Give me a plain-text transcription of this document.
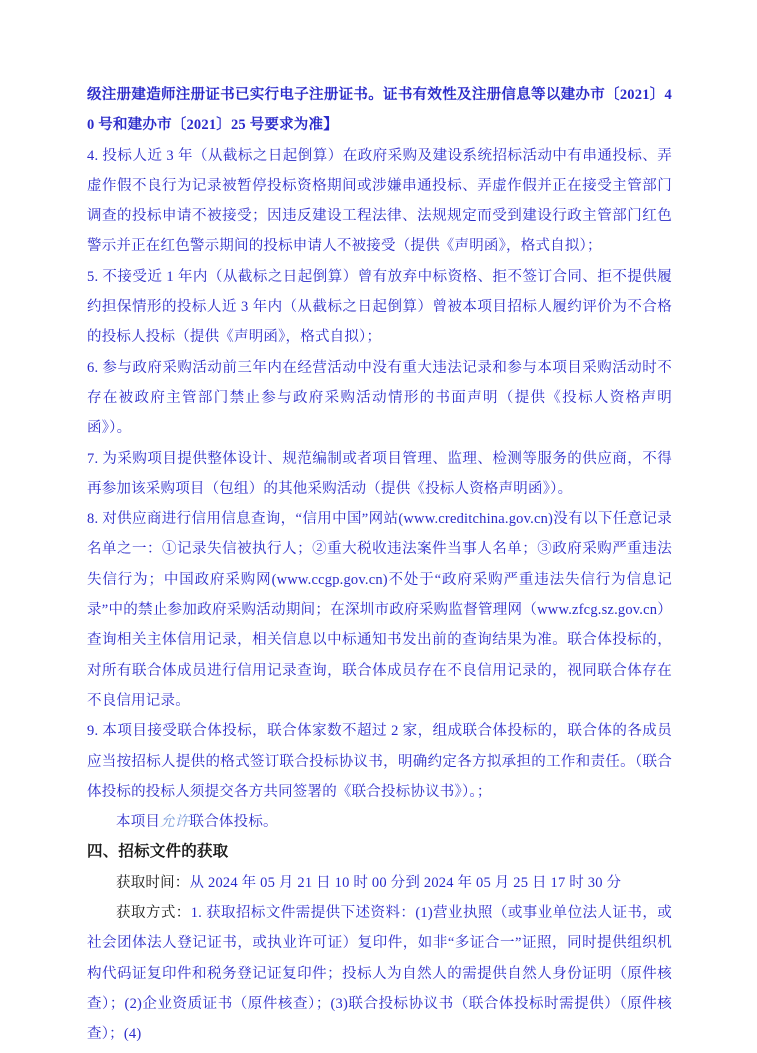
级注册建造师注册证书已实行电子注册证书。证书有效性及注册信息等以建办市〔2021〕40 号和建办市〔2021〕25 号要求为准】

4. 投标人近 3 年（从截标之日起倒算）在政府采购及建设系统招标活动中有串通投标、弄虚作假不良行为记录被暂停投标资格期间或涉嫌串通投标、弄虚作假并正在接受主管部门调查的投标申请不被接受；因违反建设工程法律、法规规定而受到建设行政主管部门红色警示并正在红色警示期间的投标申请人不被接受（提供《声明函》，格式自拟）；

5. 不接受近 1 年内（从截标之日起倒算）曾有放弃中标资格、拒不签订合同、拒不提供履约担保情形的投标人近 3 年内（从截标之日起倒算）曾被本项目招标人履约评价为不合格的投标人投标（提供《声明函》，格式自拟）；

6. 参与政府采购活动前三年内在经营活动中没有重大违法记录和参与本项目采购活动时不存在被政府主管部门禁止参与政府采购活动情形的书面声明（提供《投标人资格声明函》）。

7. 为采购项目提供整体设计、规范编制或者项目管理、监理、检测等服务的供应商，不得再参加该采购项目（包组）的其他采购活动（提供《投标人资格声明函》）。

8. 对供应商进行信用信息查询，“信用中国”网站(www.creditchina.gov.cn)没有以下任意记录名单之一：①记录失信被执行人；②重大税收违法案件当事人名单；③政府采购严重违法失信行为；中国政府采购网(www.ccgp.gov.cn)不处于“政府采购严重违法失信行为信息记录”中的禁止参加政府采购活动期间；在深圳市政府采购监督管理网（www.zfcg.sz.gov.cn）查询相关主体信用记录，相关信息以中标通知书发出前的查询结果为准。联合体投标的，对所有联合体成员进行信用记录查询，联合体成员存在不良信用记录的，视同联合体存在不良信用记录。

9. 本项目接受联合体投标，联合体家数不超过 2 家，组成联合体投标的，联合体的各成员应当按招标人提供的格式签订联合投标协议书，明确约定各方拟承担的工作和责任。（联合体投标的投标人须提交各方共同签署的《联合投标协议书》）。；

本项目允许联合体投标。

四、招标文件的获取

获取时间：从 2024 年 05 月 21 日 10 时 00 分到 2024 年 05 月 25 日 17 时 30 分

获取方式：1. 获取招标文件需提供下述资料：(1)营业执照（或事业单位法人证书，或社会团体法人登记证书，或执业许可证）复印件，如非“多证合一”证照，同时提供组织机构代码证复印件和税务登记证复印件；投标人为自然人的需提供自然人身份证明（原件核查）；(2)企业资质证书（原件核查）；(3)联合投标协议书（联合体投标时需提供）（原件核查）；(4)
